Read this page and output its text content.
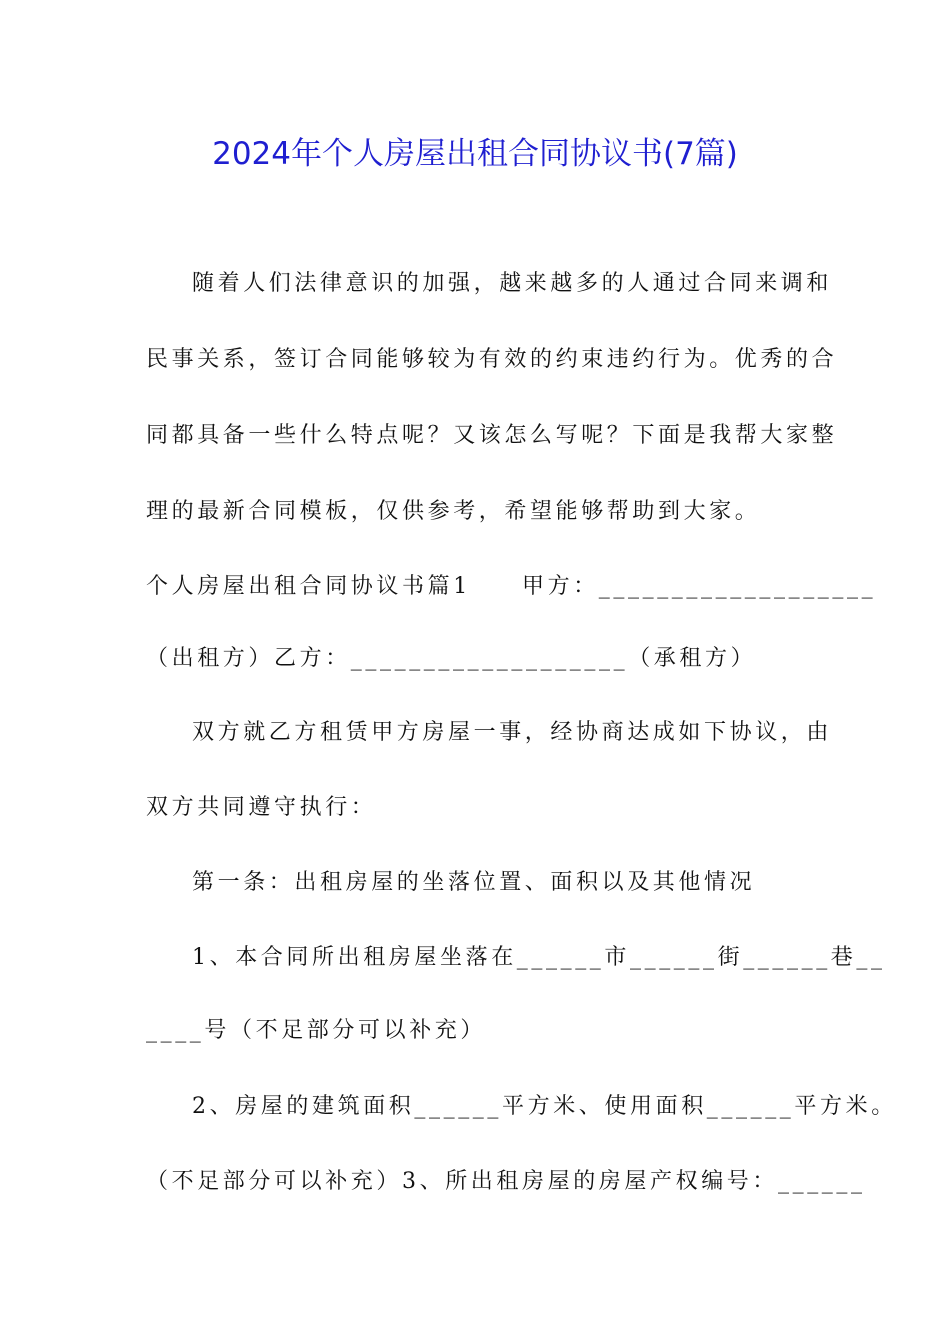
2024年个人房屋出租合同协议书(7篇)
随着人们法律意识的加强，越来越多的人通过合同来调和
民事关系，签订合同能够较为有效的约束违约行为。优秀的合
同都具备一些什么特点呢？又该怎么写呢？下面是我帮大家整
理的最新合同模板，仅供参考，希望能够帮助到大家。
个人房屋出租合同协议书篇1　　甲方：___________________
（出租方）乙方：___________________（承租方）
双方就乙方租赁甲方房屋一事，经协商达成如下协议，由
双方共同遵守执行：
第一条：出租房屋的坐落位置、面积以及其他情况
1、本合同所出租房屋坐落在______市______街______巷__
____号（不足部分可以补充）
2、房屋的建筑面积______平方米、使用面积______平方米。
（不足部分可以补充）3、所出租房屋的房屋产权编号：______
